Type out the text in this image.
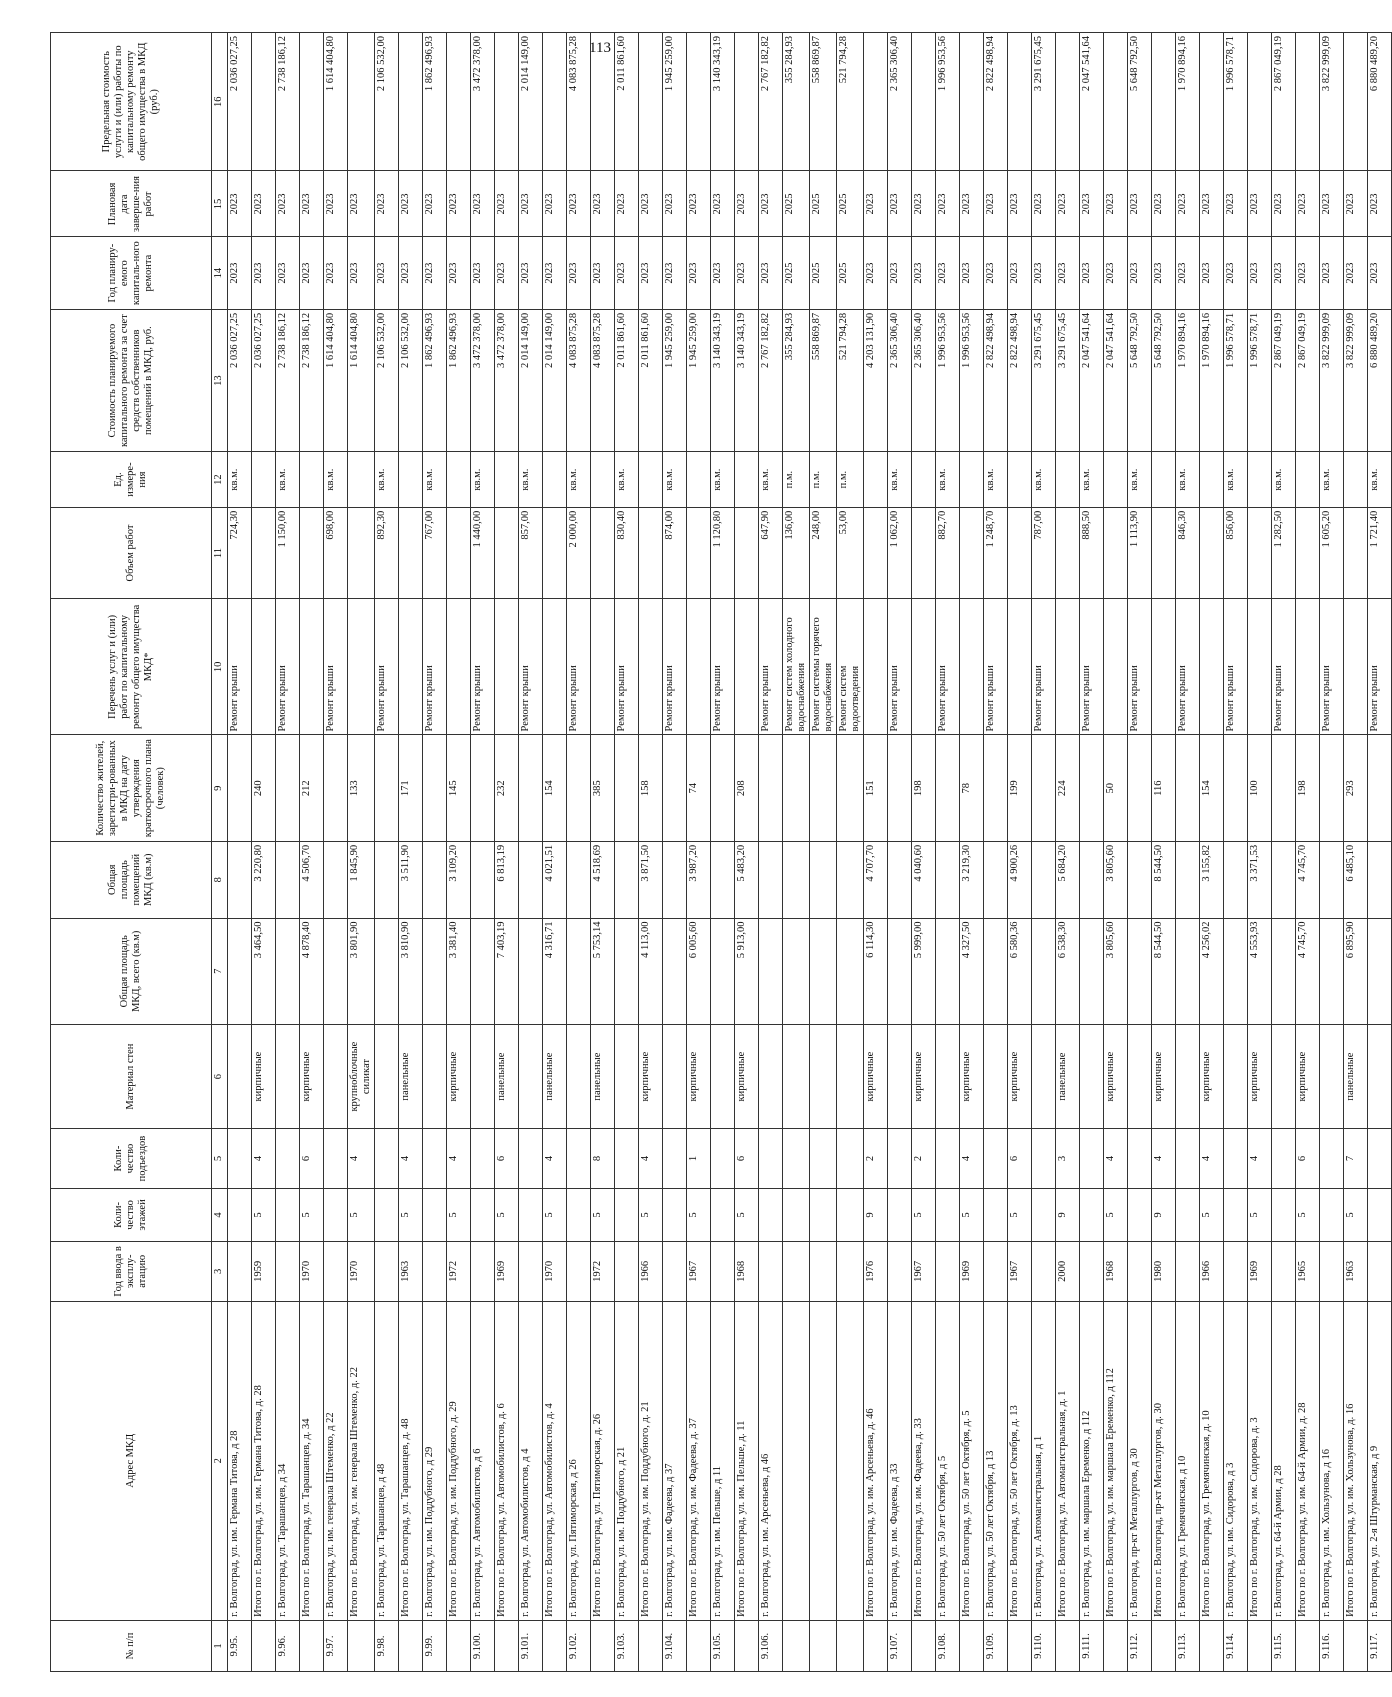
113
№ п/п	Адрес МКД	Год ввода в эксплу-атацию	Коли-чество этажей	Коли-чество подъездов	Материал стен	Общая площадь МКД, всего (кв.м)	Общая площадь помещений МКД (кв.м)	Количество жителей, зарегистри-рованных в МКД на дату утверждения краткосрочного плана (человек)	Перечень услуг и (или) работ по капитальному ремонту общего имущества МКД*	Объем работ	Ед. измере-ния	Стоимость планируемого капитального ремонта за счет средств собственников помещений в МКД, руб.	Год планиру-емого капиталь-ного ремонта	Плановая дата заверше-ния работ	Предельная стоимость услуги и (или) работы по капитальному ремонту общего имущества в МКД (руб.)
1	2	3	4	5	6	7	8	9	10	11	12	13	14	15	16
9.95.	г. Волгоград, ул. им. Германа Титова, д 28								Ремонт крыши	724,30	кв.м.	2 036 027,25	2023	2023	2 036 027,25
	Итого по г. Волгоград, ул. им. Германа Титова, д. 28	1959	5	4	кирпичные	3 464,50	3 220,80	240				2 036 027,25	2023	2023	
9.96.	г. Волгоград, ул. Тарашанцев, д 34								Ремонт крыши	1 150,00	кв.м.	2 738 186,12	2023	2023	2 738 186,12
	Итого по г. Волгоград, ул. Тарашанцев, д. 34	1970	5	6	кирпичные	4 878,40	4 506,70	212				2 738 186,12	2023	2023	
9.97.	г. Волгоград, ул. им. генерала Штеменко, д 22								Ремонт крыши	698,00	кв.м.	1 614 404,80	2023	2023	1 614 404,80
	Итого по г. Волгоград, ул. им. генерала Штеменко, д. 22	1970	5	4	крупноблочные силикат	3 801,90	1 845,90	133				1 614 404,80	2023	2023	
9.98.	г. Волгоград, ул. Тарашанцев, д 48								Ремонт крыши	892,30	кв.м.	2 106 532,00	2023	2023	2 106 532,00
	Итого по г. Волгоград, ул. Тарашанцев, д. 48	1963	5	4	панельные	3 810,90	3 511,90	171				2 106 532,00	2023	2023	
9.99.	г. Волгоград, ул. им. Поддубного, д 29								Ремонт крыши	767,00	кв.м.	1 862 496,93	2023	2023	1 862 496,93
	Итого по г. Волгоград, ул. им. Поддубного, д. 29	1972	5	4	кирпичные	3 381,40	3 109,20	145				1 862 496,93	2023	2023	
9.100.	г. Волгоград, ул. Автомобилистов, д 6								Ремонт крыши	1 440,00	кв.м.	3 472 378,00	2023	2023	3 472 378,00
	Итого по г. Волгоград, ул. Автомобилистов, д. 6	1969	5	6	панельные	7 403,19	6 813,19	232				3 472 378,00	2023	2023	
9.101.	г. Волгоград, ул. Автомобилистов, д 4								Ремонт крыши	857,00	кв.м.	2 014 149,00	2023	2023	2 014 149,00
	Итого по г. Волгоград, ул. Автомобилистов, д. 4	1970	5	4	панельные	4 316,71	4 021,51	154				2 014 149,00	2023	2023	
9.102.	г. Волгоград, ул. Пятиморская, д 26								Ремонт крыши	2 000,00	кв.м.	4 083 875,28	2023	2023	4 083 875,28
	Итого по г. Волгоград, ул. Пятиморская, д. 26	1972	5	8	панельные	5 753,14	4 518,69	385				4 083 875,28	2023	2023	
9.103.	г. Волгоград, ул. им. Поддубного, д 21								Ремонт крыши	830,40	кв.м.	2 011 861,60	2023	2023	2 011 861,60
	Итого по г. Волгоград, ул. им. Поддубного, д. 21	1966	5	4	кирпичные	4 113,00	3 871,50	158				2 011 861,60	2023	2023	
9.104.	г. Волгоград, ул. им. Фадеева, д 37								Ремонт крыши	874,00	кв.м.	1 945 259,00	2023	2023	1 945 259,00
	Итого по г. Волгоград, ул. им. Фадеева, д. 37	1967	5	1	кирпичные	6 005,60	3 987,20	74				1 945 259,00	2023	2023	
9.105.	г. Волгоград, ул. им. Пельше, д 11								Ремонт крыши	1 120,80	кв.м.	3 140 343,19	2023	2023	3 140 343,19
	Итого по г. Волгоград, ул. им. Пельше, д. 11	1968	5	6	кирпичные	5 913,00	5 483,20	208				3 140 343,19	2023	2023	
9.106.	г. Волгоград, ул. им. Арсеньева, д 46								Ремонт крыши	647,90	кв.м.	2 767 182,82	2023	2023	2 767 182,82
									Ремонт систем холодного водоснабжения	136,00	п.м.	355 284,93	2025	2025	355 284,93
									Ремонт системы горячего водоснабжения	248,00	п.м.	558 869,87	2025	2025	558 869,87
									Ремонт систем водоотведения	53,00	п.м.	521 794,28	2025	2025	521 794,28
	Итого по г. Волгоград, ул. им. Арсеньева, д. 46	1976	9	2	кирпичные	6 114,30	4 707,70	151				4 203 131,90	2023	2023	
9.107.	г. Волгоград, ул. им. Фадеева, д 33								Ремонт крыши	1 062,00	кв.м.	2 365 306,40	2023	2023	2 365 306,40
	Итого по г. Волгоград, ул. им. Фадеева, д. 33	1967	5	2	кирпичные	5 999,00	4 040,60	198				2 365 306,40	2023	2023	
9.108.	г. Волгоград, ул. 50 лет Октября, д 5								Ремонт крыши	882,70	кв.м.	1 996 953,56	2023	2023	1 996 953,56
	Итого по г. Волгоград, ул. 50 лет Октября, д. 5	1969	5	4	кирпичные	4 327,50	3 219,30	78				1 996 953,56	2023	2023	
9.109.	г. Волгоград, ул. 50 лет Октября, д 13								Ремонт крыши	1 248,70	кв.м.	2 822 498,94	2023	2023	2 822 498,94
	Итого по г. Волгоград, ул. 50 лет Октября, д. 13	1967	5	6	кирпичные	6 580,36	4 900,26	199				2 822 498,94	2023	2023	
9.110.	г. Волгоград, ул. Автомагистральная, д 1								Ремонт крыши	787,00	кв.м.	3 291 675,45	2023	2023	3 291 675,45
	Итого по г. Волгоград, ул. Автомагистральная, д. 1	2000	9	3	панельные	6 538,30	5 684,20	224				3 291 675,45	2023	2023	
9.111.	г. Волгоград, ул. им. маршала Еременко, д 112								Ремонт крыши	888,50	кв.м.	2 047 541,64	2023	2023	2 047 541,64
	Итого по г. Волгоград, ул. им. маршала Еременко, д 112	1968	5	4	кирпичные	3 805,60	3 805,60	50				2 047 541,64	2023	2023	
9.112.	г. Волгоград, пр-кт Металлургов, д 30								Ремонт крыши	1 113,90	кв.м.	5 648 792,50	2023	2023	5 648 792,50
	Итого по г. Волгоград, пр-кт Металлургов, д. 30	1980	9	4	кирпичные	8 544,50	8 544,50	116				5 648 792,50	2023	2023	
9.113.	г. Волгоград, ул. Гремячинская, д 10								Ремонт крыши	846,30	кв.м.	1 970 894,16	2023	2023	1 970 894,16
	Итого по г. Волгоград, ул. Гремячинская, д. 10	1966	5	4	кирпичные	4 256,02	3 155,82	154				1 970 894,16	2023	2023	
9.114.	г. Волгоград, ул. им. Сидорова, д 3								Ремонт крыши	856,00	кв.м.	1 996 578,71	2023	2023	1 996 578,71
	Итого по г. Волгоград, ул. им. Сидорова, д. 3	1969	5	4	кирпичные	4 553,93	3 371,53	100				1 996 578,71	2023	2023	
9.115.	г. Волгоград, ул. 64-й Армии, д 28								Ремонт крыши	1 282,50	кв.м.	2 867 049,19	2023	2023	2 867 049,19
	Итого по г. Волгоград, ул. им. 64-й Армии, д. 28	1965	5	6	кирпичные	4 745,70	4 745,70	198				2 867 049,19	2023	2023	
9.116.	г. Волгоград, ул. им. Хользунова, д 16								Ремонт крыши	1 605,20	кв.м.	3 822 999,09	2023	2023	3 822 999,09
	Итого по г. Волгоград, ул. им. Хользунова, д. 16	1963	5	7	панельные	6 895,90	6 485,10	293				3 822 999,09	2023	2023	
9.117.	г. Волгоград, ул. 2-я Штурманская, д 9								Ремонт крыши	1 721,40	кв.м.	6 880 489,20	2023	2023	6 880 489,20
